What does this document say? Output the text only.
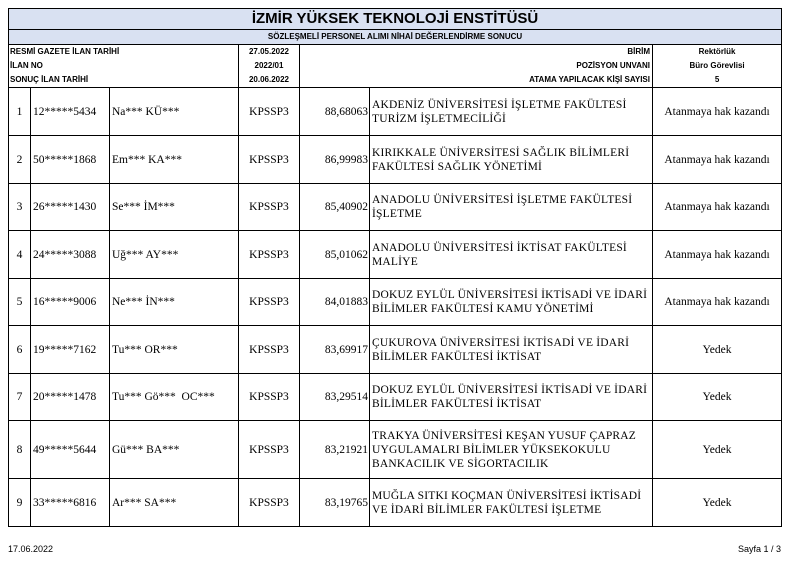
İZMİR YÜKSEK TEKNOLOJİ ENSTİTÜSÜ						

SÖZLEŞMELİ PERSONEL ALIMI NİHAİ DEĞERLENDİRME SONUCU						

RESMİ GAZETE İLAN TARİHİ			27.05.2022	BİRİM		Rektörlük
İLAN NO			2022/01	POZİSYON UNVANI		Büro Görevlisi
SONUÇ İLAN TARİHİ			20.06.2022	ATAMA YAPILACAK KİŞİ SAYISI		5
1	12*****5434	Na*** KÜ***	KPSSP3	88,68063	AKDENİZ ÜNİVERSİTESİ İŞLETME FAKÜLTESİ TURİZM İŞLETMECİLİĞİ	Atanmaya hak kazandı
2	50*****1868	Em*** KA***	KPSSP3	86,99983	KIRIKKALE ÜNİVERSİTESİ SAĞLIK BİLİMLERİ FAKÜLTESİ SAĞLIK YÖNETİMİ	Atanmaya hak kazandı
3	26*****1430	Se*** İM***	KPSSP3	85,40902	ANADOLU ÜNİVERSİTESİ İŞLETME FAKÜLTESİ İŞLETME	Atanmaya hak kazandı
4	24*****3088	Uğ*** AY***	KPSSP3	85,01062	ANADOLU ÜNİVERSİTESİ İKTİSAT FAKÜLTESİ MALİYE	Atanmaya hak kazandı
5	16*****9006	Ne*** İN***	KPSSP3	84,01883	DOKUZ EYLÜL ÜNİVERSİTESİ İKTİSADİ VE İDARİ BİLİMLER FAKÜLTESİ KAMU YÖNETİMİ	Atanmaya hak kazandı
6	19*****7162	Tu*** OR***	KPSSP3	83,69917	ÇUKUROVA ÜNİVERSİTESİ İKTİSADİ VE İDARİ BİLİMLER FAKÜLTESİ İKTİSAT	Yedek
7	20*****1478	Tu*** Gö***  OC***	KPSSP3	83,29514	DOKUZ EYLÜL ÜNİVERSİTESİ İKTİSADİ VE İDARİ BİLİMLER FAKÜLTESİ İKTİSAT	Yedek
8	49*****5644	Gü*** BA***	KPSSP3	83,21921	TRAKYA ÜNİVERSİTESİ KEŞAN YUSUF ÇAPRAZ UYGULAMALRI BİLİMLER YÜKSEKOKULU BANKACILIK VE SİGORTACILIK	Yedek
9	33*****6816	Ar*** SA***	KPSSP3	83,19765	MUĞLA SITKI KOÇMAN ÜNİVERSİTESİ İKTİSADİ VE İDARİ BİLİMLER FAKÜLTESİ İŞLETME	Yedek
17.06.2022	Sayfa 1 / 3
